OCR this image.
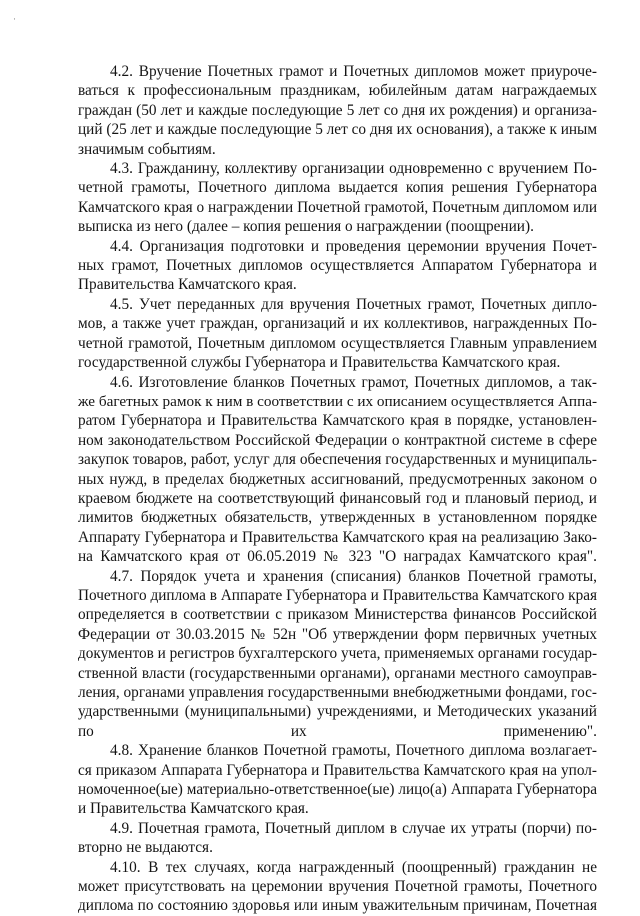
·
4.2. Вручение Почетных грамот и Почетных дипломов может приуроче-
ваться к профессиональным праздникам, юбилейным датам награждаемых
граждан (50 лет и каждые последующие 5 лет со дня их рождения) и организа-
ций (25 лет и каждые последующие 5 лет со дня их основания), а также к иным
значимым событиям.
4.3. Гражданину, коллективу организации одновременно с вручением По-
четной грамоты, Почетного диплома выдается копия решения Губернатора
Камчатского края о награждении Почетной грамотой, Почетным дипломом или
выписка из него (далее – копия решения о награждении (поощрении).
4.4. Организация подготовки и проведения церемонии вручения Почет-
ных грамот, Почетных дипломов осуществляется Аппаратом Губернатора и
Правительства Камчатского края.
4.5. Учет переданных для вручения Почетных грамот, Почетных дипло-
мов, а также учет граждан, организаций и их коллективов, награжденных По-
четной грамотой, Почетным дипломом осуществляется Главным управлением
государственной службы Губернатора и Правительства Камчатского края.
4.6. Изготовление бланков Почетных грамот, Почетных дипломов, а так-
же багетных рамок к ним в соответствии с их описанием осуществляется Аппа-
ратом Губернатора и Правительства Камчатского края в порядке, установлен-
ном законодательством Российской Федерации о контрактной системе в сфере
закупок товаров, работ, услуг для обеспечения государственных и муниципаль-
ных нужд, в пределах бюджетных ассигнований, предусмотренных законом о
краевом бюджете на соответствующий финансовый год и плановый период, и
лимитов бюджетных обязательств, утвержденных в установленном порядке
Аппарату Губернатора и Правительства Камчатского края на реализацию Зако-
на Камчатского края от 06.05.2019 № 323 "О наградах Камчатского края".
4.7. Порядок учета и хранения (списания) бланков Почетной грамоты,
Почетного диплома в Аппарате Губернатора и Правительства Камчатского края
определяется в соответствии с приказом Министерства финансов Российской
Федерации от 30.03.2015 № 52н "Об утверждении форм первичных учетных
документов и регистров бухгалтерского учета, применяемых органами государ-
ственной власти (государственными органами), органами местного самоуправ-
ления, органами управления государственными внебюджетными фондами, гос-
ударственными (муниципальными) учреждениями, и Методических указаний
по их применению".
4.8. Хранение бланков Почетной грамоты, Почетного диплома возлагает-
ся приказом Аппарата Губернатора и Правительства Камчатского края на упол-
номоченное(ые) материально-ответственное(ые) лицо(а) Аппарата Губернатора
и Правительства Камчатского края.
4.9. Почетная грамота, Почетный диплом в случае их утраты (порчи) по-
вторно не выдаются.
4.10. В тех случаях, когда награжденный (поощренный) гражданин не
может присутствовать на церемонии вручения Почетной грамоты, Почетного
диплома по состоянию здоровья или иным уважительным причинам, Почетная
